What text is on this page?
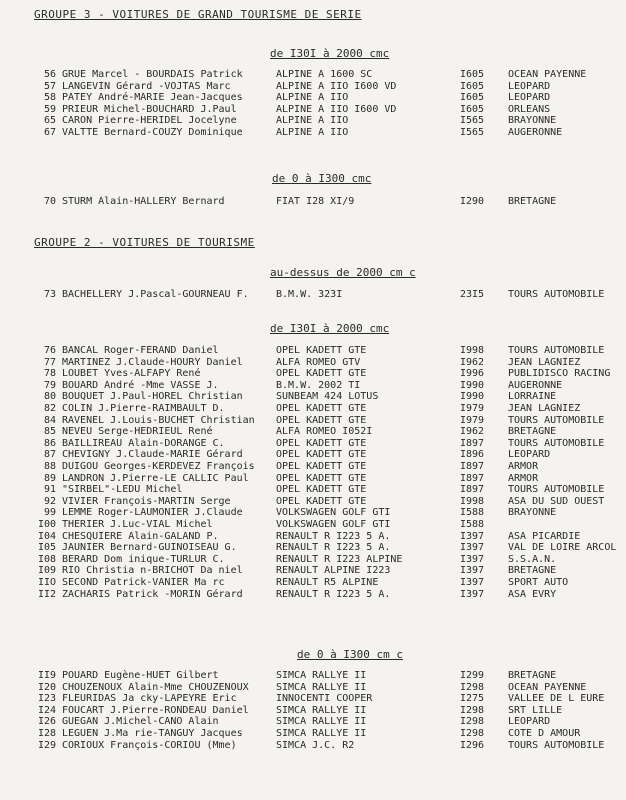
GROUPE 3 - VOITURES DE GRAND TOURISME DE SERIE
de I30I à 2000 cmc
56 GRUE Marcel - BOURDAIS Patrick	ALPINE A 1600 SC	I605	OCEAN PAYENNE
57 LANGEVIN Gérard -VOJTAS Marc	ALPINE A IIO I600 VD	I605	LEOPARD
58 PATEY André-MARIE Jean-Jacques	ALPINE A IIO	I605	LEOPARD
59 PRIEUR Michel-BOUCHARD J.Paul	ALPINE A IIO I600 VD	I605	ORLEANS
65 CARON Pierre-HERIDEL Jocelyne	ALPINE A IIO	I565	BRAYONNE
67 VALTTE Bernard-COUZY Dominique	ALPINE A IIO	I565	AUGERONNE
de 0 à I300 cmc
70 STURM Alain-HALLERY Bernard	FIAT I28 XI/9	I290	BRETAGNE
GROUPE 2 - VOITURES DE TOURISME
au-dessus de 2000 cm c
73 BACHELLERY J.Pascal-GOURNEAU F.	B.M.W. 323I	23I5	TOURS AUTOMOBILE
de I30I à 2000 cmc
76 BANCAL Roger-FERAND Daniel	OPEL KADETT GTE	I998	TOURS AUTOMOBILE
77 MARTINEZ J.Claude-HOURY Daniel	ALFA ROMEO GTV	I962	JEAN LAGNIEZ
78 LOUBET Yves-ALFAPY René	OPEL KADETT GTE	I996	PUBLIDISCO RACING
79 BOUARD André -Mme VASSE J.	B.M.W. 2002 TI	I990	AUGERONNE
80 BOUQUET J.Paul-HOREL Christian	SUNBEAM 424 LOTUS	I990	LORRAINE
82 COLIN J.Pierre-RAIMBAULT D.	OPEL KADETT GTE	I979	JEAN LAGNIEZ
84 RAVENEL J.Louis-BUCHET Christian	OPEL KADETT GTE	I979	TOURS AUTOMOBILE
85 NEVEU Serge-HEDRIEUL René	ALFA ROMEO I052I	I962	BRETAGNE
86 BAILLIREAU Alain-DORANGE C.	OPEL KADETT GTE	I897	TOURS AUTOMOBILE
87 CHEVIGNY J.Claude-MARIE Gérard	OPEL KADETT GTE	I896	LEOPARD
88 DUIGOU Georges-KERDEVEZ François	OPEL KADETT GTE	I897	ARMOR
89 LANDRON J.Pierre-LE CALLIC Paul	OPEL KADETT GTE	I897	ARMOR
91 "SIRBEL"-LEDU Michel	OPEL KADETT GTE	I897	TOURS AUTOMOBILE
92 VIVIER François-MARTIN Serge	OPEL KADETT GTE	I998	ASA DU SUD OUEST
99 LEMME Roger-LAUMONIER J.Claude	VOLKSWAGEN GOLF GTI	I588	BRAYONNE
I00 THERIER J.Luc-VIAL Michel	VOLKSWAGEN GOLF GTI	I588
I04 CHESQUIERE Alain-GALAND P.	RENAULT R I223 5 A.	I397	ASA PICARDIE
I05 JAUNIER Bernard-GUINOISEAU G.	RENAULT R I223 5 A.	I397	VAL DE LOIRE ARCOL
I08 BERARD Dom inique-TURLUR C.	RENAULT R I223 ALPINE	I397	S.S.A.N.
I09 RIO Christia n-BRICHOT Da niel	RENAULT ALPINE I223	I397	BRETAGNE
IIO SECOND Patrick-VANIER Ma rc	RENAULT R5 ALPINE	I397	SPORT AUTO
II2 ZACHARIS Patrick -MORIN Gérard	RENAULT R I223 5 A.	I397	ASA EVRY
de 0 à I300 cm c
II9 POUARD Eugène-HUET Gilbert	SIMCA RALLYE II	I299	BRETAGNE
I20 CHOUZENOUX Alain-Mme CHOUZENOUX	SIMCA RALLYE II	I298	OCEAN PAYENNE
I23 FLEURIDAS Ja cky-LAPEYRE Eric	INNOCENTI COOPER	I275	VALLEE DE L EURE
I24 FOUCART J.Pierre-RONDEAU Daniel	SIMCA RALLYE II	I298	SRT LILLE
I26 GUEGAN J.Michel-CANO Alain	SIMCA RALLYE II	I298	LEOPARD
I28 LEGUEN J.Ma rie-TANGUY Jacques	SIMCA RALLYE II	I298	COTE D AMOUR
I29 CORIOUX François-CORIOU (Mme)	SIMCA J.C. R2	I296	TOURS AUTOMOBILE
